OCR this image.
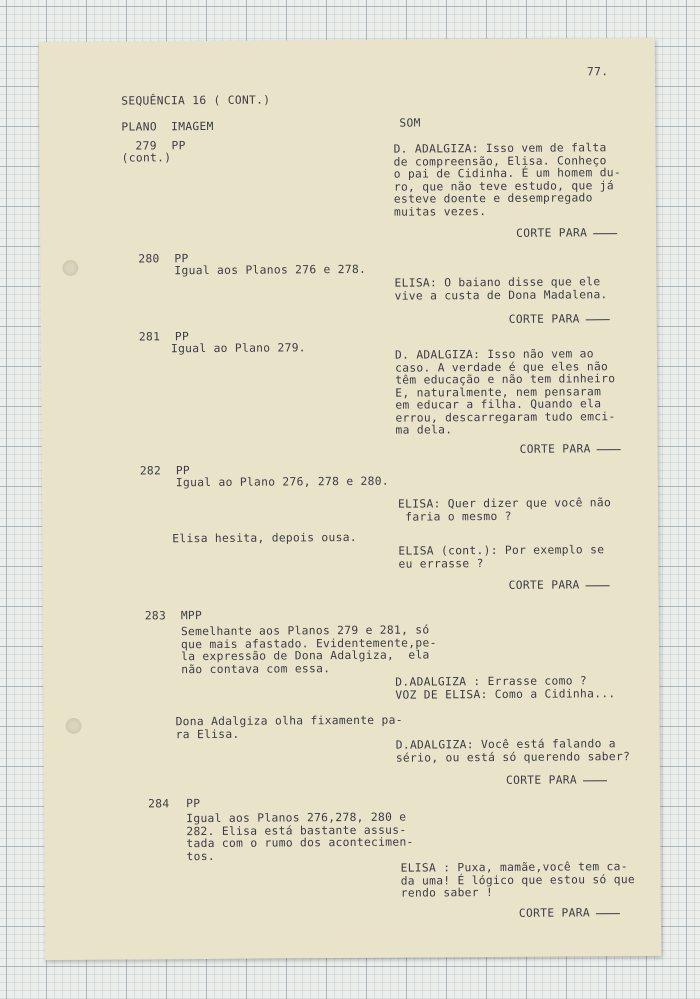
77.
SEQUÊNCIA 16 ( CONT.)
PLANO  IMAGEM	SOM
279 PP
(cont.)
D. ADALGIZA: Isso vem de falta
de compreensão, Elisa. Conheço
o pai de Cidinha. É um homem du-
ro, que não teve estudo, que já
esteve doente e desempregado
muitas vezes.
CORTE PARA
280 PP
Igual aos Planos 276 e 278.
ELISA: O baiano disse que ele
vive a custa de Dona Madalena.
CORTE PARA
281 PP
Igual ao Plano 279.	D. ADALGIZA: Isso não vem ao
caso. A verdade é que eles não
têm educação e não tem dinheiro
E, naturalmente, nem pensaram
em educar a filha. Quando ela
errou, descarregaram tudo emci-
ma dela.
CORTE PARA
282 PP
Igual ao Plano 276, 278 e 280.
ELISA: Quer dizer que você não
faria o mesmo ?
Elisa hesita, depois ousa.
ELISA (cont.): Por exemplo se
eu errasse ?
CORTE PARA
283 MPP
Semelhante aos Planos 279 e 281, só
que mais afastado. Evidentemente,pe-
la expressão de Dona Adalgiza,  ela
não contava com essa.
D.ADALGIZA : Errasse como ?
VOZ DE ELISA: Como a Cidinha...
Dona Adalgiza olha fixamente pa-
ra Elisa.
D.ADALGIZA: Você está falando a
sério, ou está só querendo saber?
CORTE PARA
284 PP
Igual aos Planos 276,278, 280 e
282. Elisa está bastante assus-
tada com o rumo dos acontecimen-
tos.
ELISA : Puxa, mamãe,você tem ca-
da uma! É lógico que estou só que
rendo saber !
CORTE PARA
